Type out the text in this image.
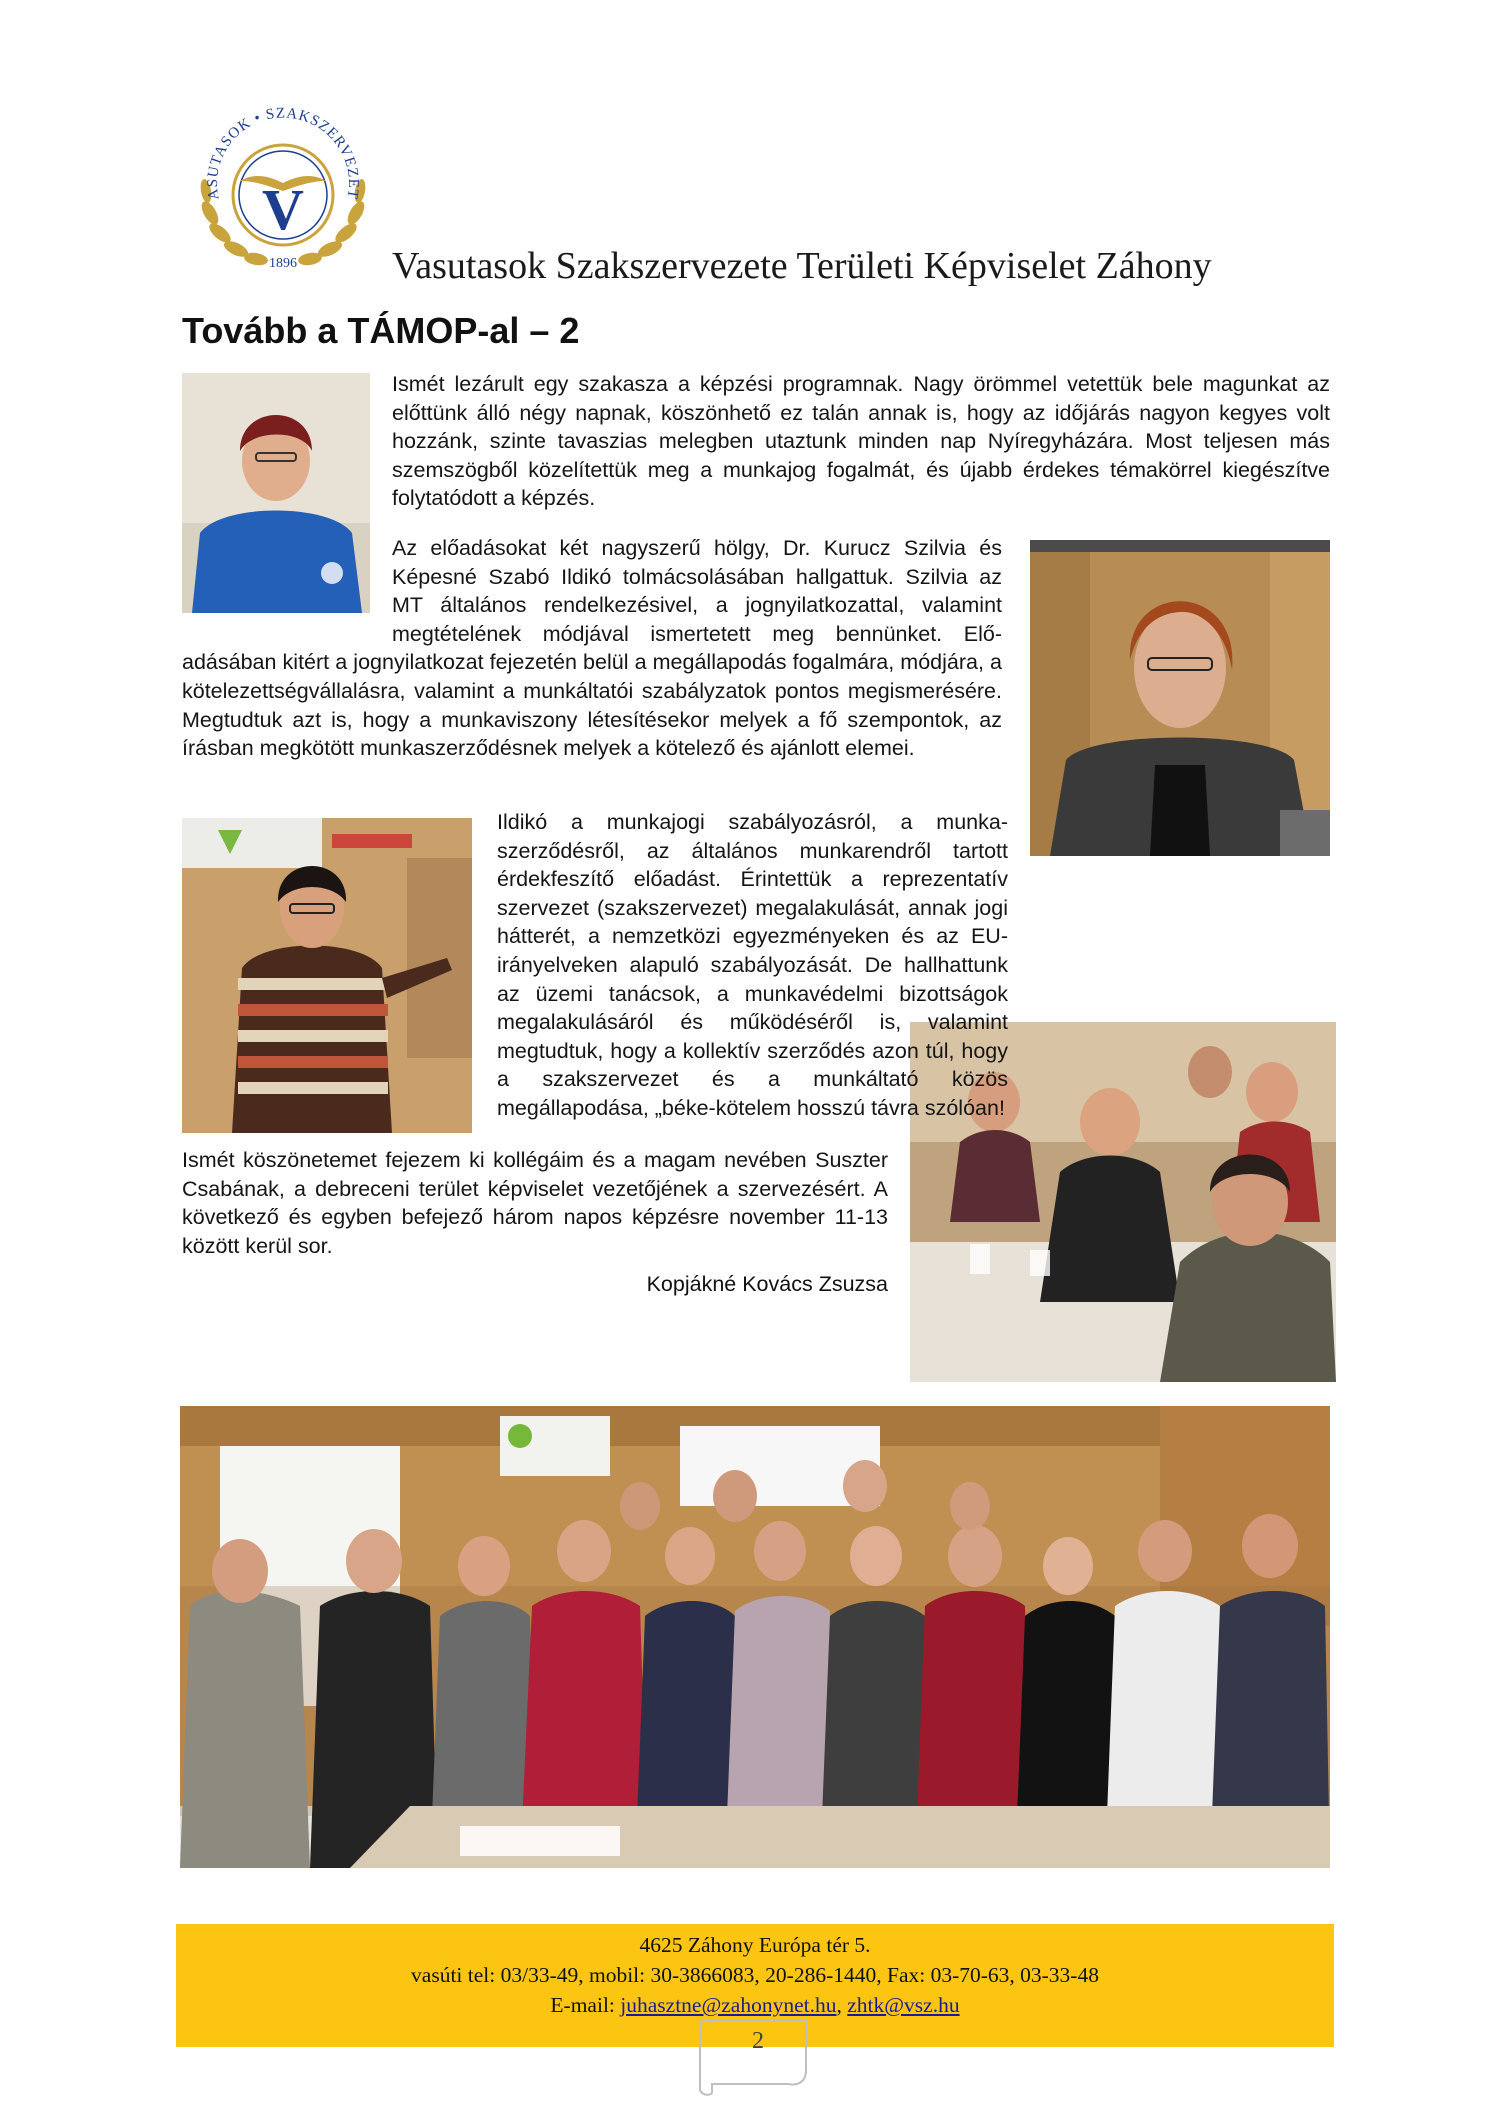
V
ASUTASOK • SZAKSZERVEZET
1896	Vasutasok Szakszervezete Területi Képviselet Záhony
Tovább a TÁMOP-al – 2
Ismét lezárult egy szakasza a képzési programnak. Nagy örömmel vetettük bele magunkat az előttünk álló négy napnak, köszönhető ez talán annak is, hogy az időjárás nagyon kegyes volt hozzánk, szinte tavaszias melegben utaztunk minden nap Nyíregyházára. Most teljesen más szemszögből közelítettük meg a munkajog fogalmát, és újabb érdekes témakörrel kiegészítve folytatódott a képzés.
Az előadásokat két nagyszerű hölgy, Dr. Kurucz Szilvia és Képesné Szabó Ildikó tolmácsolásában hallgattuk. Szilvia az MT általános rendelkezésivel, a jognyilatkozattal, valamint megtételének módjával ismertetett meg bennünket. Elő-adásában kitért a jognyilatkozat fejezetén belül a megállapodás fogalmára, módjára, a kötelezettségvállalásra, valamint a munkáltatói szabályzatok pontos megismerésére. Megtudtuk azt is, hogy a munkaviszony létesítésekor melyek a fő szempontok, az írásban megkötött munkaszerződésnek melyek a kötelező és ajánlott elemei.
Ildikó a munkajogi szabályozásról, a munka-szerződésről, az általános munkarendről tartott érdekfeszítő előadást. Érintettük a reprezentatív szervezet (szakszervezet) megalakulását, annak jogi hátterét, a nemzetközi egyezményeken és az EU-irányelveken alapuló szabályozását. De hallhattunk az üzemi tanácsok, a munkavédelmi bizottságok megalakulásáról és működéséről is, valamint megtudtuk, hogy a kollektív szerződés azon túl, hogy a szakszervezet és a munkáltató közös megállapodása, „béke-kötelem hosszú távra szólóan!
Ismét köszönetemet fejezem ki kollégáim és a magam nevében Suszter Csabának, a debreceni terület képviselet vezetőjének a szervezésért. A következő és egyben befejező három napos képzésre november 11-13 között kerül sor.
Kopjákné Kovács Zsuzsa
4625 Záhony Európa tér 5.
vasúti tel: 03/33-49, mobil: 30-3866083, 20-286-1440, Fax: 03-70-63, 03-33-48
E-mail: juhasztne@zahonynet.hu, zhtk@vsz.hu
2
